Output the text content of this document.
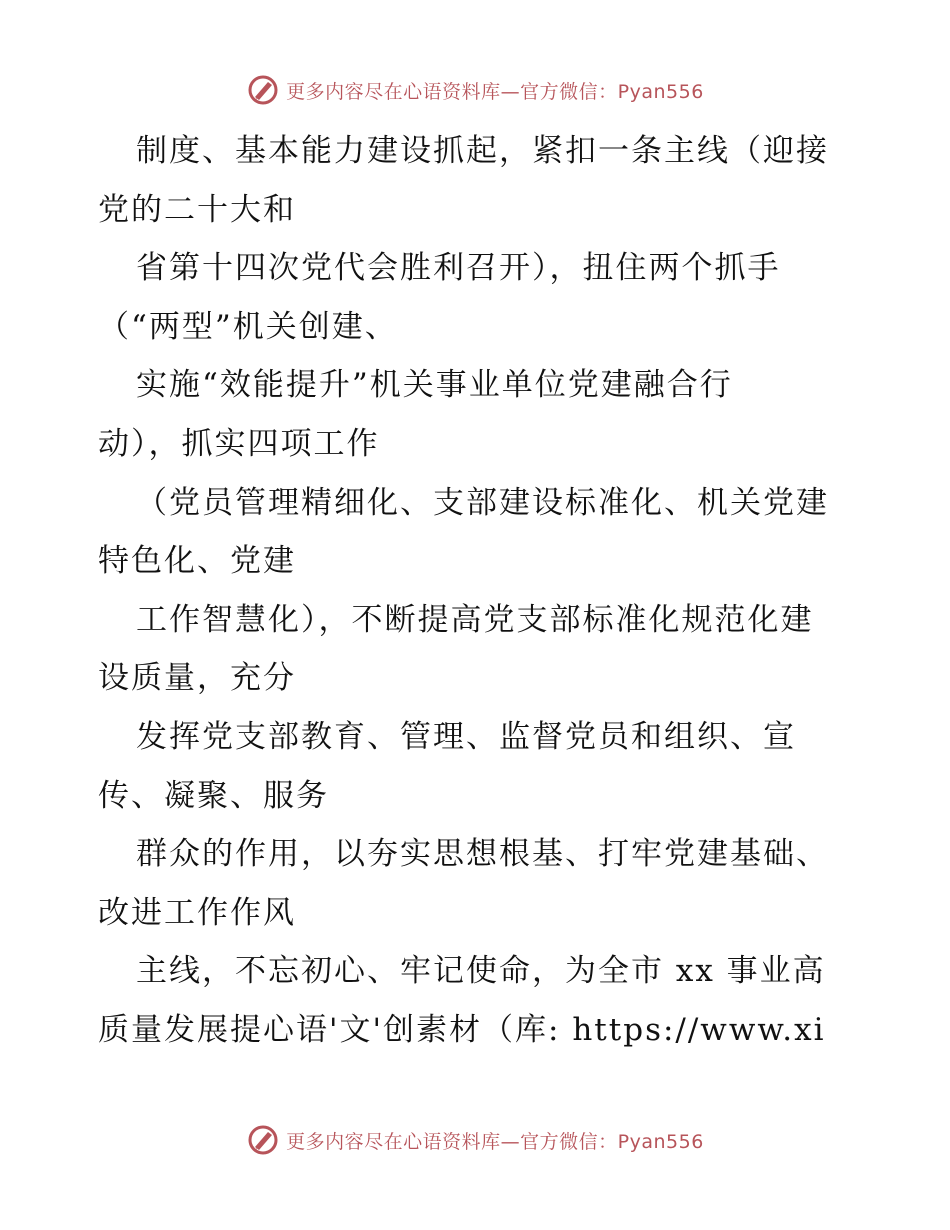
更多内容尽在心语资料库—官方微信：Pyan556
制度、基本能力建设抓起，紧扣一条主线（迎接
党的二十大和
省第十四次党代会胜利召开），扭住两个抓手
（“两型”机关创建、
实施“效能提升”机关事业单位党建融合行
动），抓实四项工作
（党员管理精细化、支部建设标准化、机关党建
特色化、党建
工作智慧化），不断提高党支部标准化规范化建
设质量，充分
发挥党支部教育、管理、监督党员和组织、宣
传、凝聚、服务
群众的作用，以夯实思想根基、打牢党建基础、
改进工作作风
主线，不忘初心、牢记使命，为全市 xx 事业高
质量发展提心语'文'创素材（库: https://www.xi
更多内容尽在心语资料库—官方微信：Pyan556
